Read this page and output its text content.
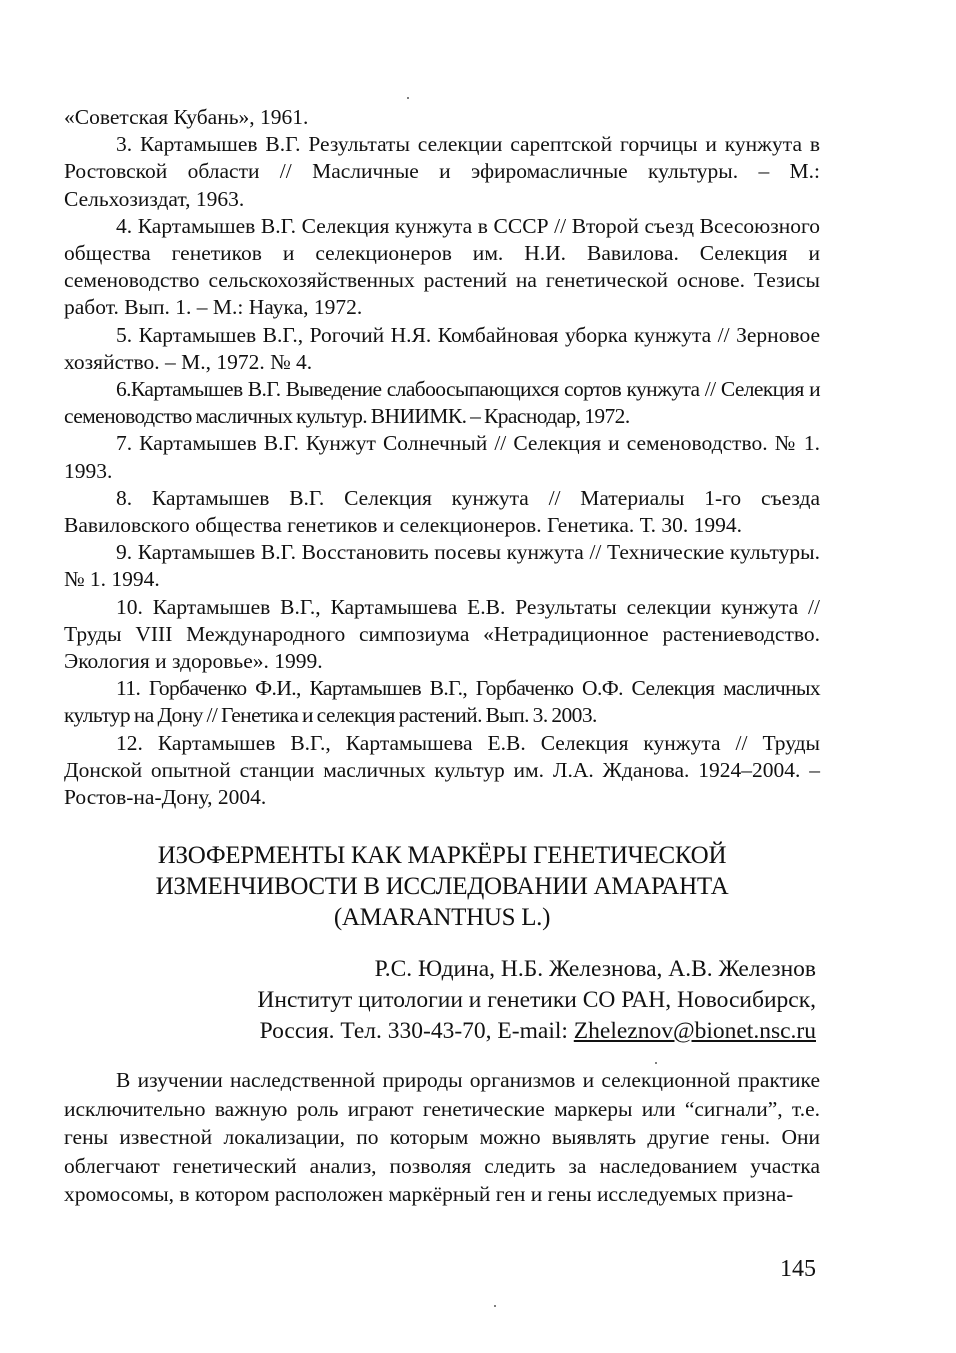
«Советская Кубань», 1961.

3. Картамышев В.Г. Результаты селекции сарептской горчицы и кунжута в Ростовской области // Масличные и эфиромасличные культуры. – М.: Сельхозиздат, 1963.

4. Картамышев В.Г. Селекция кунжута в СССР // Второй съезд Всесоюзного общества генетиков и селекционеров им. Н.И. Вавилова. Селекция и семеноводство сельскохозяйственных растений на генетической основе. Тезисы работ. Вып. 1. – М.: Наука, 1972.

5. Картамышев В.Г., Рогочий Н.Я. Комбайновая уборка кунжута // Зерновое хозяйство. – М., 1972. № 4.

6.Картамышев В.Г. Выведение слабоосыпающихся сортов кунжута // Селекция и семеноводство масличных культур. ВНИИМК. – Краснодар, 1972.

7. Картамышев В.Г. Кунжут Солнечный // Селекция и семеноводство. № 1. 1993.

8. Картамышев В.Г. Селекция кунжута // Материалы 1-го съезда Вавиловского общества генетиков и селекционеров. Генетика. Т. 30. 1994.

9. Картамышев В.Г. Восстановить посевы кунжута // Технические культуры. № 1. 1994.

10. Картамышев В.Г., Картамышева Е.В. Результаты селекции кунжута // Труды VIII Международного симпозиума «Нетрадиционное растениеводство. Экология и здоровье». 1999.

11. Горбаченко Ф.И., Картамышев В.Г., Горбаченко О.Ф. Селекция масличных культур на Дону // Генетика и селекция растений. Вып. 3. 2003.

12. Картамышев В.Г., Картамышева Е.В. Селекция кунжута // Труды Донской опытной станции масличных культур им. Л.А. Жданова. 1924–2004. – Ростов-на-Дону, 2004.

ИЗОФЕРМЕНТЫ КАК МАРКЁРЫ ГЕНЕТИЧЕСКОЙ
ИЗМЕНЧИВОСТИ В ИССЛЕДОВАНИИ АМАРАНТА
(AMARANTHUS L.)
Р.С. Юдина, Н.Б. Железнова, А.В. Железнов
Институт цитологии и генетики СО РАН, Новосибирск,
Россия. Тел. 330-43-70, E-mail: Zheleznov@bionet.nsc.ru

В изучении наследственной природы организмов и селекционной практике исключительно важную роль играют генетические маркеры или “сигнали”, т.е. гены известной локализации, по которым можно выявлять другие гены. Они облегчают генетический анализ, позволяя следить за наследованием участка хромосомы, в котором расположен маркёрный ген и гены исследуемых призна-

145
